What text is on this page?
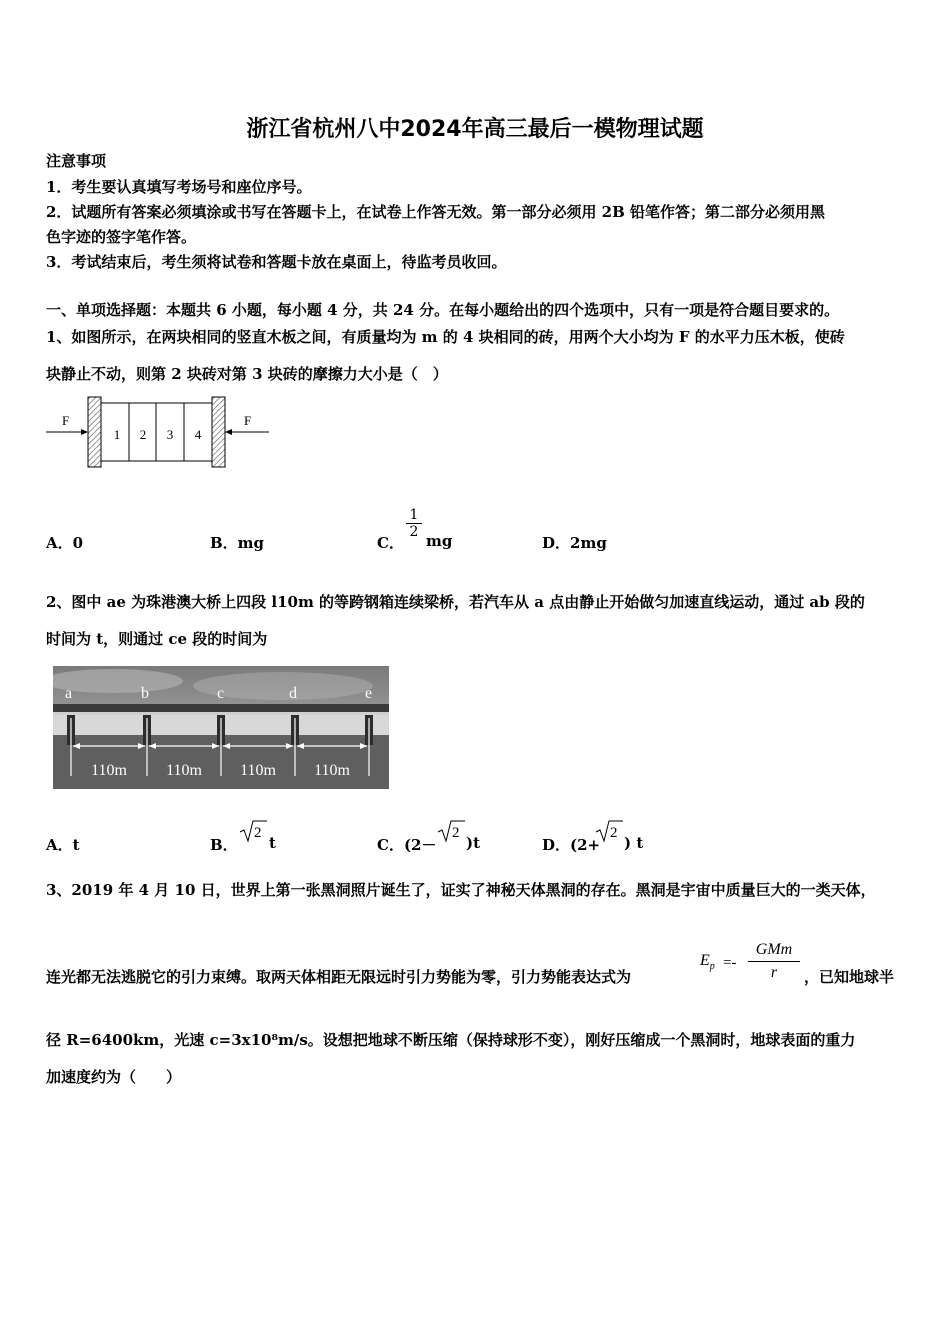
浙江省杭州八中2024年高三最后一模物理试题
注意事项
1．考生要认真填写考场号和座位序号。
2．试题所有答案必须填涂或书写在答题卡上，在试卷上作答无效。第一部分必须用 2B 铅笔作答；第二部分必须用黑
色字迹的签字笔作答。
3．考试结束后，考生须将试卷和答题卡放在桌面上，待监考员收回。
一、单项选择题：本题共 6 小题，每小题 4 分，共 24 分。在每小题给出的四个选项中，只有一项是符合题目要求的。
1、如图所示，在两块相同的竖直木板之间，有质量均为 m 的 4 块相同的砖，用两个大小均为 F 的水平力压木板，使砖
块静止不动，则第 2 块砖对第 3 块砖的摩擦力大小是（　）
1 2 3 4
F	F
A．0	B．mg	C．
1
2 mg	D．2mg
2、图中 ae 为珠港澳大桥上四段 l10m 的等跨钢箱连续梁桥，若汽车从 a 点由静止开始做匀加速直线运动，通过 ab 段的
时间为 t，则通过 ce 段的时间为
a	b	c	d	e
110m 110m 110m 110m
A．t	B．
2
t	C．(2－
2
)t	D．(2+
2
) t
3、2019 年 4 月 10 日，世界上第一张黑洞照片诞生了，证实了神秘天体黑洞的存在。黑洞是宇宙中质量巨大的一类天体，
连光都无法逃脱它的引力束缚。取两天体相距无限远时引力势能为零，引力势能表达式为
$E_p$ =-
GMm
r	，已知地球半
径 R=6400km，光速 c=3x10⁸m/s。设想把地球不断压缩（保持球形不变），刚好压缩成一个黑洞时，地球表面的重力
加速度约为（　　）
